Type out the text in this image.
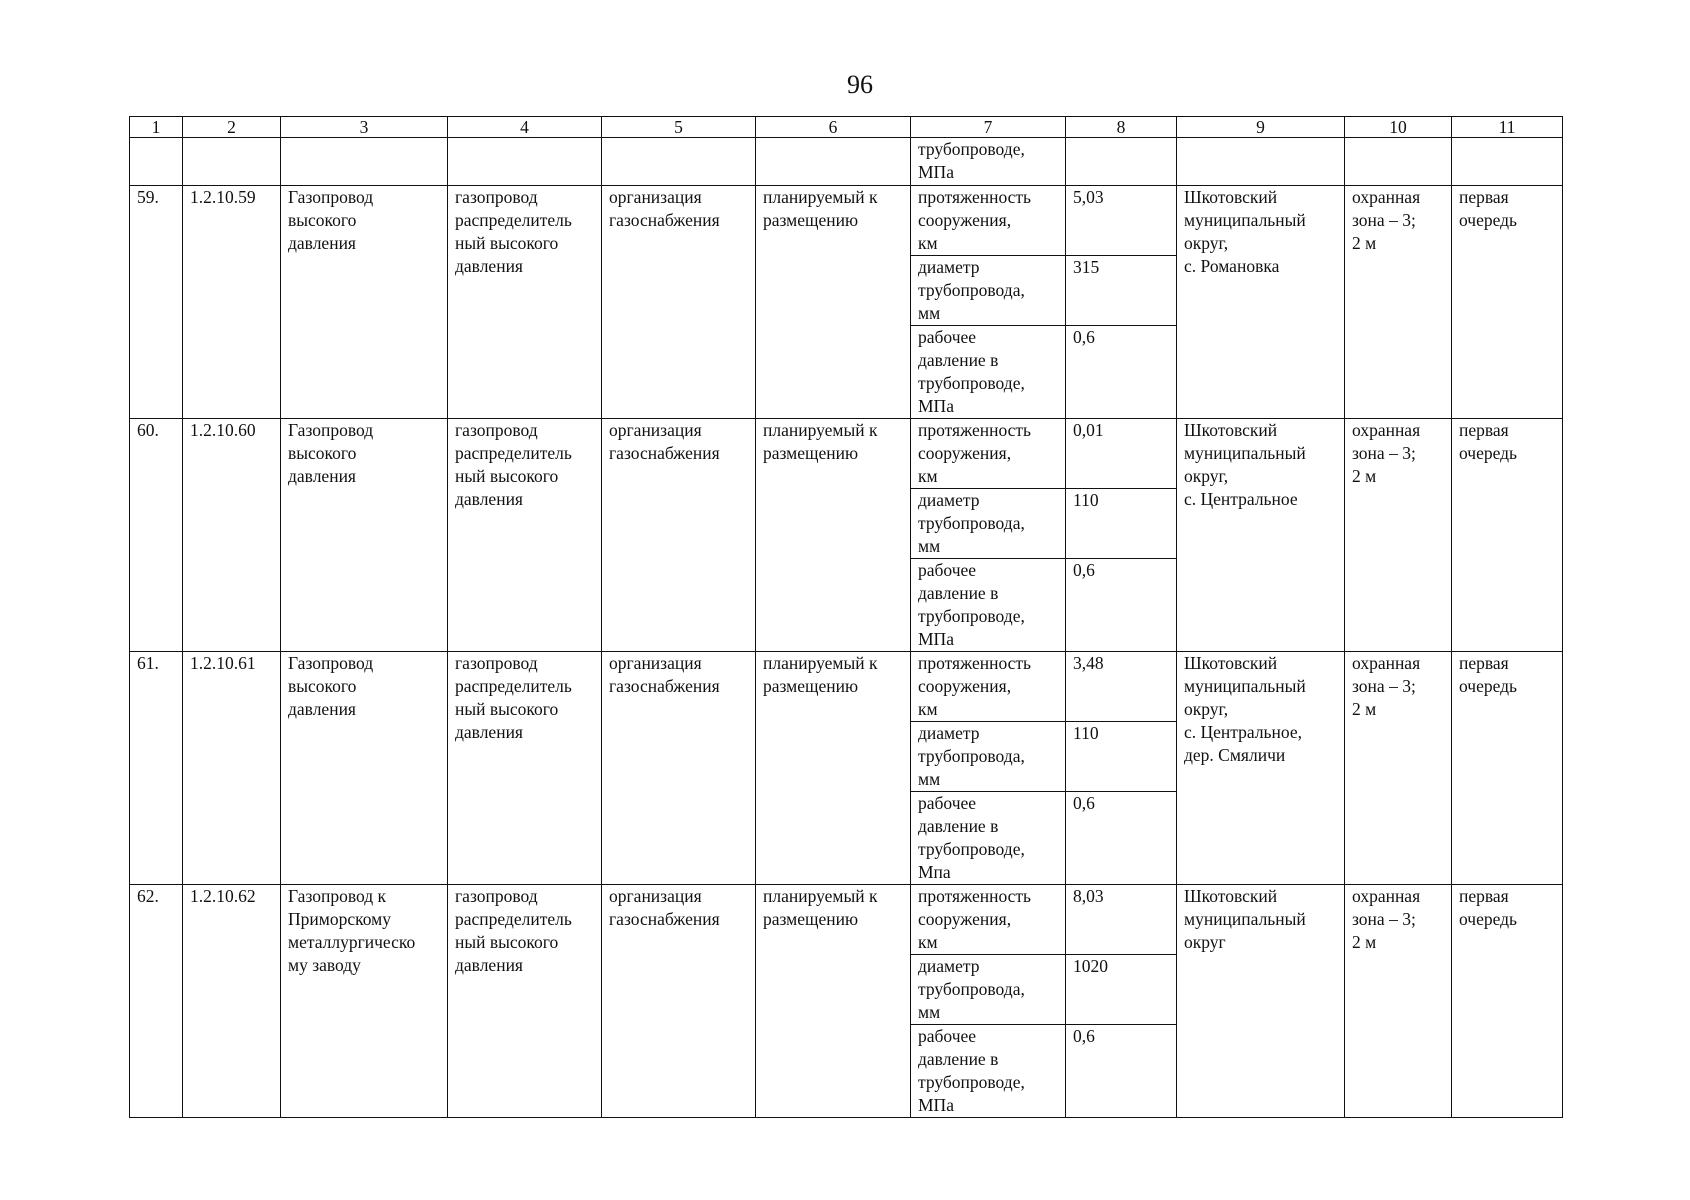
96
1	2	3	4	5	6	7	8	9	10	11
						трубопроводе,
МПа				
59.	1.2.10.59	Газопровод
высокого
давления	газопровод
распределитель
ный высокого
давления	организация
газоснабжения	планируемый к
размещению	протяженность
сооружения,
км	5,03	Шкотовский
муниципальный
округ,
с. Романовка	охранная
зона – 3;
2 м	первая
очередь
						диаметр
трубопровода,
мм	315			
						рабочее
давление в
трубопроводе,
МПа	0,6			
60.	1.2.10.60	Газопровод
высокого
давления	газопровод
распределитель
ный высокого
давления	организация
газоснабжения	планируемый к
размещению	протяженность
сооружения,
км	0,01	Шкотовский
муниципальный
округ,
с. Центральное	охранная
зона – 3;
2 м	первая
очередь
						диаметр
трубопровода,
мм	110			
						рабочее
давление в
трубопроводе,
МПа	0,6			
61.	1.2.10.61	Газопровод
высокого
давления	газопровод
распределитель
ный высокого
давления	организация
газоснабжения	планируемый к
размещению	протяженность
сооружения,
км	3,48	Шкотовский
муниципальный
округ,
с. Центральное,
дер. Смяличи	охранная
зона – 3;
2 м	первая
очередь
						диаметр
трубопровода,
мм	110			
						рабочее
давление в
трубопроводе,
Мпа	0,6			
62.	1.2.10.62	Газопровод к
Приморскому
металлургическо
му заводу	газопровод
распределитель
ный высокого
давления	организация
газоснабжения	планируемый к
размещению	протяженность
сооружения,
км	8,03	Шкотовский
муниципальный
округ	охранная
зона – 3;
2 м	первая
очередь
						диаметр
трубопровода,
мм	1020			
						рабочее
давление в
трубопроводе,
МПа	0,6			
